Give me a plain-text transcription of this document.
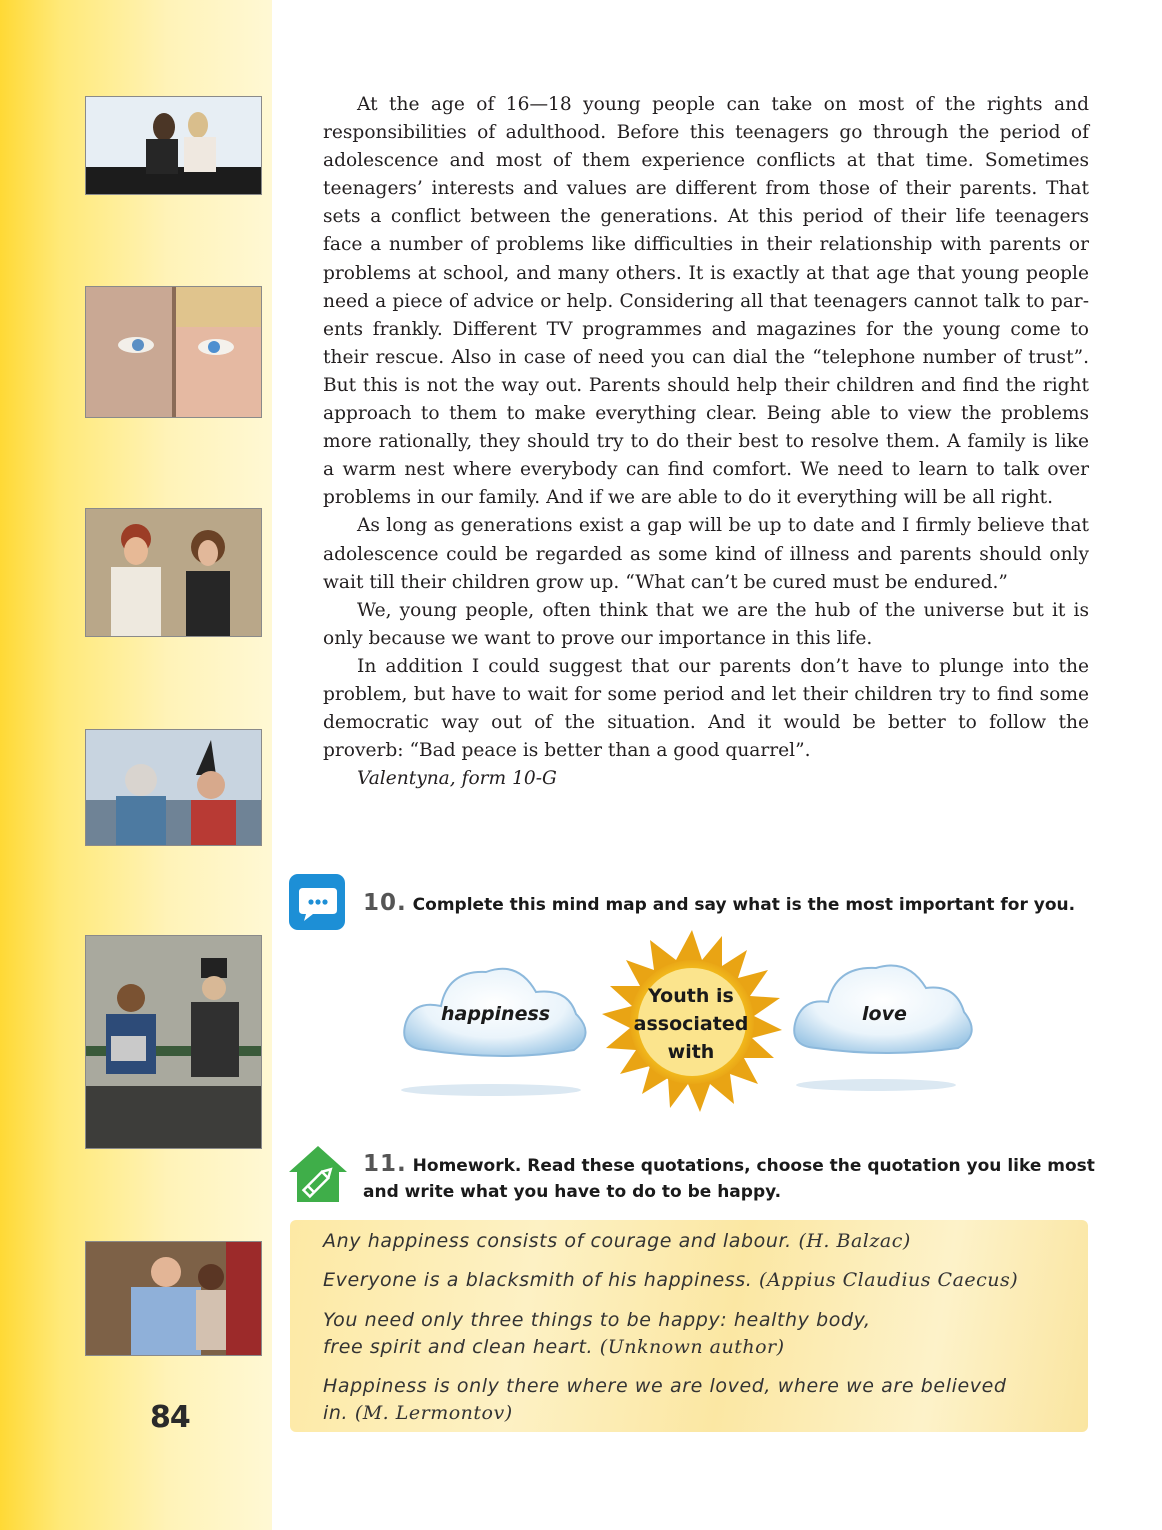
84

At the age of 16—18 young people can take on most of the rights and responsibilities of adulthood. Before this teenagers go through the period of adolescence and most of them experience conflicts at that time. Sometimes teenagers’ interests and values are different from those of their parents. That sets a conflict between the generations. At this period of their life teenagers face a number of problems like difficulties in their relationship with parents or problems at school, and many others. It is exactly at that age that young people need a piece of advice or help. Considering all that teenagers cannot talk to parents frankly. Different TV programmes and magazines for the young come to their rescue. Also in case of need you can dial the “telephone number of trust”. But this is not the way out. Parents should help their children and find the right approach to them to make everything clear. Being able to view the problems more rationally, they should try to do their best to resolve them. A family is like a warm nest where everybody can find comfort. We need to learn to talk over problems in our family. And if we are able to do it everything will be all right.

As long as generations exist a gap will be up to date and I firmly believe that adolescence could be regarded as some kind of illness and parents should only wait till their children grow up. “What can’t be cured must be endured.”

We, young people, often think that we are the hub of the universe but it is only because we want to prove our importance in this life.

In addition I could suggest that our parents don’t have to plunge into the problem, but have to wait for some period and let their children try to find some democratic way out of the situation. And it would be better to follow the proverb: “Bad peace is better than a good quarrel”.

Valentyna, form 10-G

10. Complete this mind map and say what is the most important for you.
happiness	love
Youth is
associated
with
11. Homework. Read these quotations, choose the quotation you like most
and write what you have to do to be happy.
Any happiness consists of courage and labour. (H. Balzac)
Everyone is a blacksmith of his happiness. (Appius Claudius Caecus)
You need only three things to be happy: healthy body,
free spirit and clean heart. (Unknown author)
Happiness is only there where we are loved, where we are believed
in. (M. Lermontov)
